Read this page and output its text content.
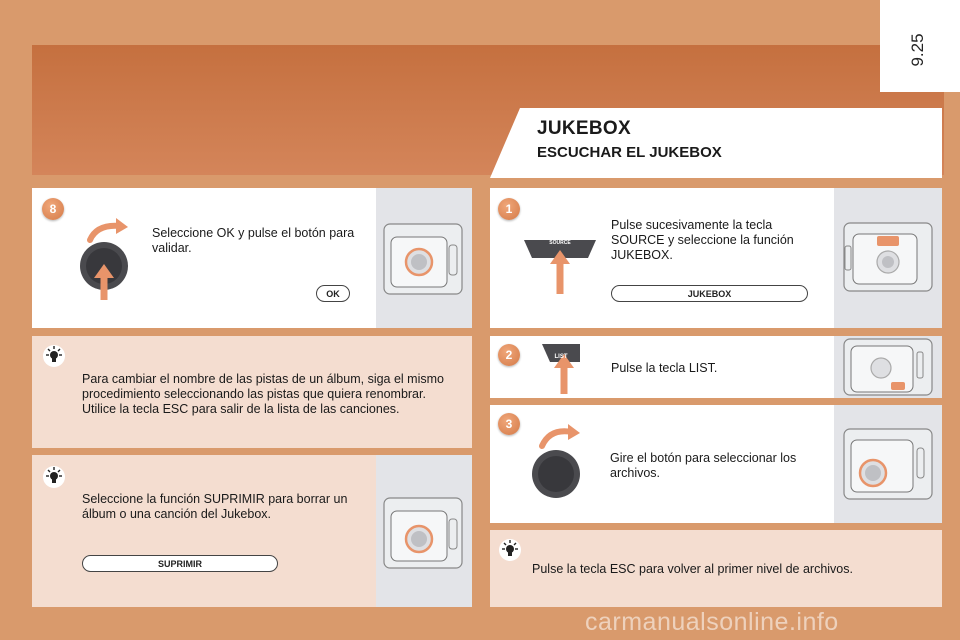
9.25
JUKEBOX
ESCUCHAR EL JUKEBOX
8
Seleccione OK y pulse el botón para validar.
OK
Para cambiar el nombre de las pistas de un álbum, siga el mismo procedimiento seleccionando las pistas que quiera renombrar. Utilice la tecla ESC para salir de la lista de las canciones.
Seleccione la función SUPRIMIR para borrar un álbum o una canción del Jukebox.
SUPRIMIR
1
SOURCE
Pulse sucesivamente la tecla SOURCE y seleccione la función JUKEBOX.
JUKEBOX
2	LIST
Pulse la tecla LIST.
3
Gire el botón para seleccionar los archivos.
Pulse la tecla ESC para volver al primer nivel de archivos.
carmanualsonline.info
